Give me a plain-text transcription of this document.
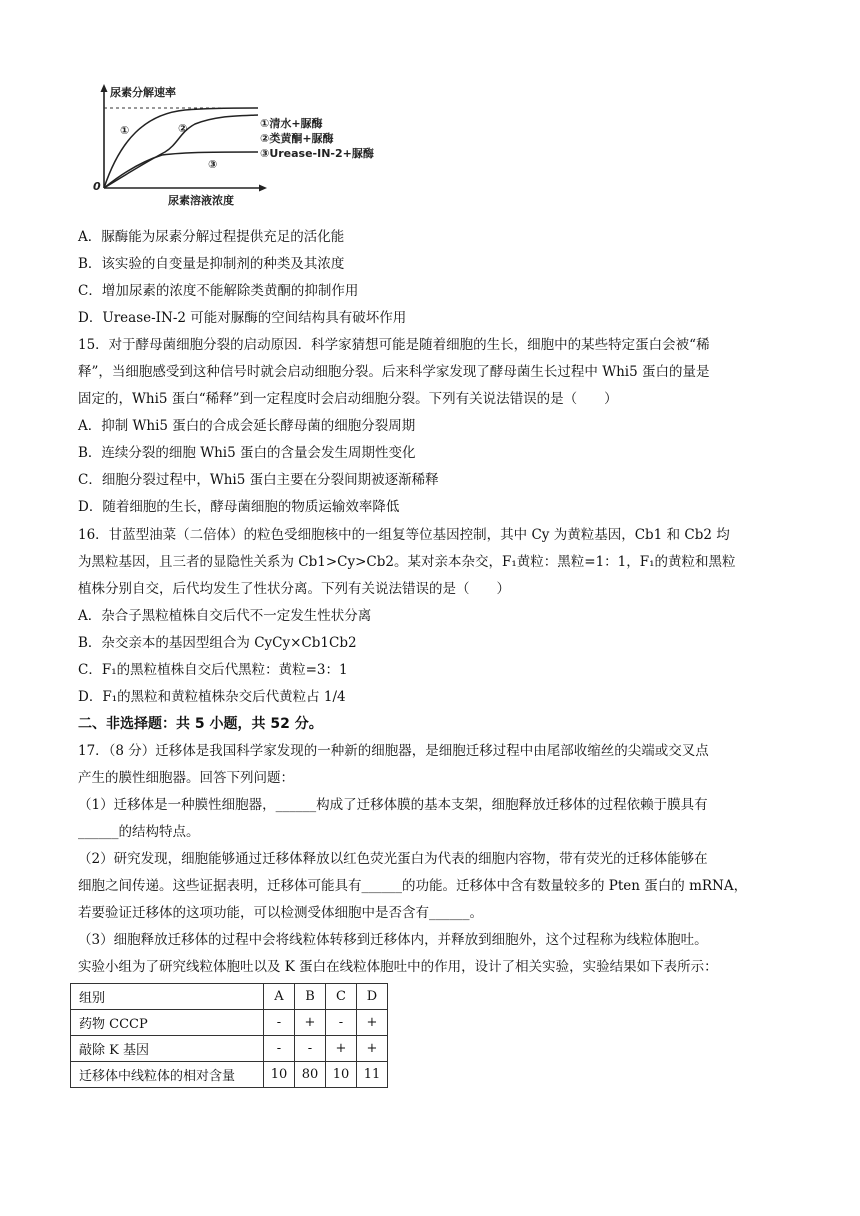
尿素分解速率
尿素溶液浓度
0
①	②
③
①清水+脲酶
②类黄酮+脲酶
③Urease-IN-2+脲酶
A．脲酶能为尿素分解过程提供充足的活化能
B．该实验的自变量是抑制剂的种类及其浓度
C．增加尿素的浓度不能解除类黄酮的抑制作用
D．Urease-IN-2 可能对脲酶的空间结构具有破坏作用
15．对于酵母菌细胞分裂的启动原因．科学家猜想可能是随着细胞的生长，细胞中的某些特定蛋白会被“稀
释”，当细胞感受到这种信号时就会启动细胞分裂。后来科学家发现了酵母菌生长过程中 Whi5 蛋白的量是
固定的，Whi5 蛋白“稀释”到一定程度时会启动细胞分裂。下列有关说法错误的是（　　）
A．抑制 Whi5 蛋白的合成会延长酵母菌的细胞分裂周期
B．连续分裂的细胞 Whi5 蛋白的含量会发生周期性变化
C．细胞分裂过程中，Whi5 蛋白主要在分裂间期被逐渐稀释
D．随着细胞的生长，酵母菌细胞的物质运输效率降低
16．甘蓝型油菜（二倍体）的粒色受细胞核中的一组复等位基因控制，其中 Cy 为黄粒基因，Cb1 和 Cb2 均
为黑粒基因，且三者的显隐性关系为 Cb1>Cy>Cb2。某对亲本杂交，F₁黄粒：黑粒=1：1，F₁的黄粒和黑粒
植株分别自交，后代均发生了性状分离。下列有关说法错误的是（　　）
A．杂合子黑粒植株自交后代不一定发生性状分离
B．杂交亲本的基因型组合为 CyCy×Cb1Cb2
C．F₁的黑粒植株自交后代黑粒：黄粒=3：1
D．F₁的黑粒和黄粒植株杂交后代黄粒占 1/4
二、非选择题：共 5 小题，共 52 分。
17．（8 分）迁移体是我国科学家发现的一种新的细胞器，是细胞迁移过程中由尾部收缩丝的尖端或交叉点
产生的膜性细胞器。回答下列问题：
（1）迁移体是一种膜性细胞器，______构成了迁移体膜的基本支架，细胞释放迁移体的过程依赖于膜具有
______的结构特点。
（2）研究发现，细胞能够通过迁移体释放以红色荧光蛋白为代表的细胞内容物，带有荧光的迁移体能够在
细胞之间传递。这些证据表明，迁移体可能具有______的功能。迁移体中含有数量较多的 Pten 蛋白的 mRNA，
若要验证迁移体的这项功能，可以检测受体细胞中是否含有______。
（3）细胞释放迁移体的过程中会将线粒体转移到迁移体内，并释放到细胞外，这个过程称为线粒体胞吐。
实验小组为了研究线粒体胞吐以及 K 蛋白在线粒体胞吐中的作用，设计了相关实验，实验结果如下表所示：
组别	A	B	C	D
药物 CCCP	-	+	-	+
敲除 K 基因	-	-	+	+
迁移体中线粒体的相对含量	10	80	10	11
